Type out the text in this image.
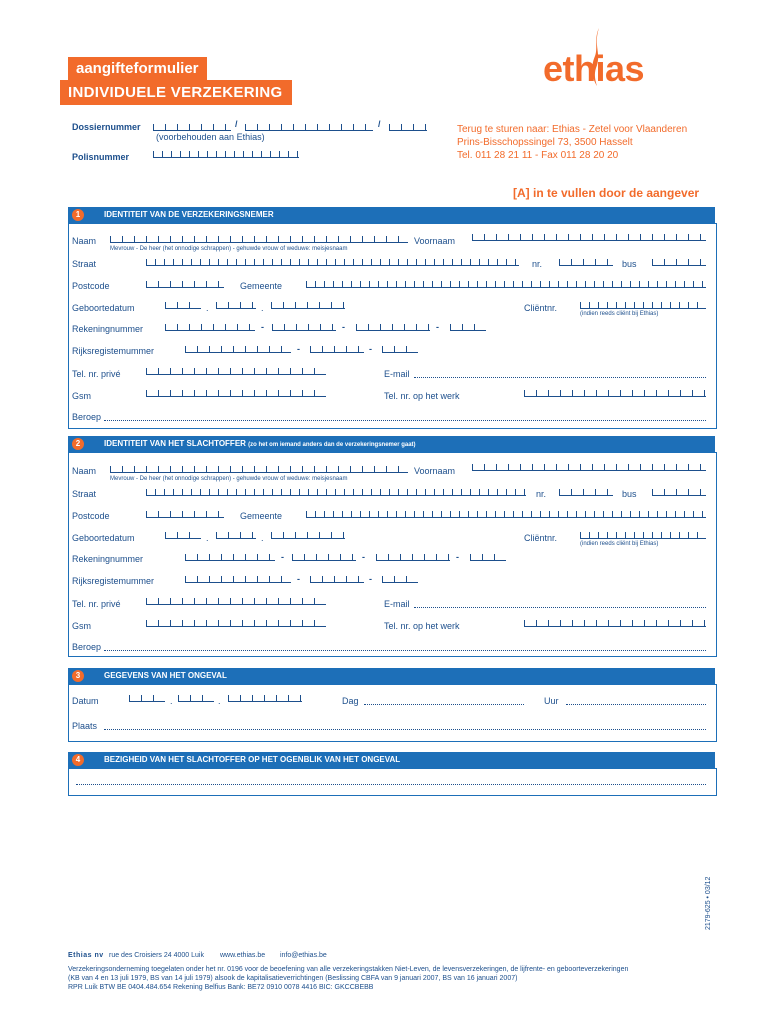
aangifteformulier
INDIVIDUELE VERZEKERING
ethias
Dossiernummer	/	/
(voorbehouden aan Ethias)
Polisnummer
Terug te sturen naar: Ethias - Zetel voor Vlaanderen
Prins-Bisschopssingel 73, 3500 Hasselt
Tel. 011 28 21 11 - Fax 011 28 20 20
[A] in te vullen door de aangever
1	IDENTITEIT VAN DE VERZEKERINGSNEMER
Naam
Mevrouw - De heer (het onnodige schrappen) - gehuwde vrouw of weduwe: meisjesnaam
Voornaam
Straat	nr.	bus
Postcode	Gemeente
Geboortedatum	.	.	Cliëntnr.
(indien reeds cliënt bij Ethias)
Rekeningnummer	-	-	-
Rijksregistemummer	-	-
Tel. nr. privé	E-mail
Gsm	Tel. nr. op het werk
Beroep
2	IDENTITEIT VAN HET SLACHTOFFER (zo het om iemand anders dan de verzekeringsnemer gaat)
Naam
Mevrouw - De heer (het onnodige schrappen) - gehuwde vrouw of weduwe: meisjesnaam
Voornaam
Straat	nr.	bus
Postcode	Gemeente
Geboortedatum	.	.	Cliëntnr.
(indien reeds cliënt bij Ethias)
Rekeningnummer	-	-	-
Rijksregistemummer	-	-
Tel. nr. privé	E-mail
Gsm	Tel. nr. op het werk
Beroep
3	GEGEVENS VAN HET ONGEVAL
Datum	.	.	Dag	Uur
Plaats
4	BEZIGHEID VAN HET SLACHTOFFER OP HET OGENBLIK VAN HET ONGEVAL
Ethias nv rue des Croisiers 24 4000 Luik www.ethias.be info@ethias.be
Verzekeringsonderneming toegelaten onder het nr. 0196 voor de beoefening van alle verzekeringstakken Niet-Leven, de levensverzekeringen, de lijfrente- en geboorteverzekeringen
(KB van 4 en 13 juli 1979, BS van 14 juli 1979) alsook de kapitalisatieverrichtingen (Beslissing CBFA van 9 januari 2007, BS van 16 januari 2007)
RPR Luik BTW BE 0404.484.654 Rekening Belfius Bank: BE72 0910 0078 4416 BIC: GKCCBEBB
2179-625 • 03/12
